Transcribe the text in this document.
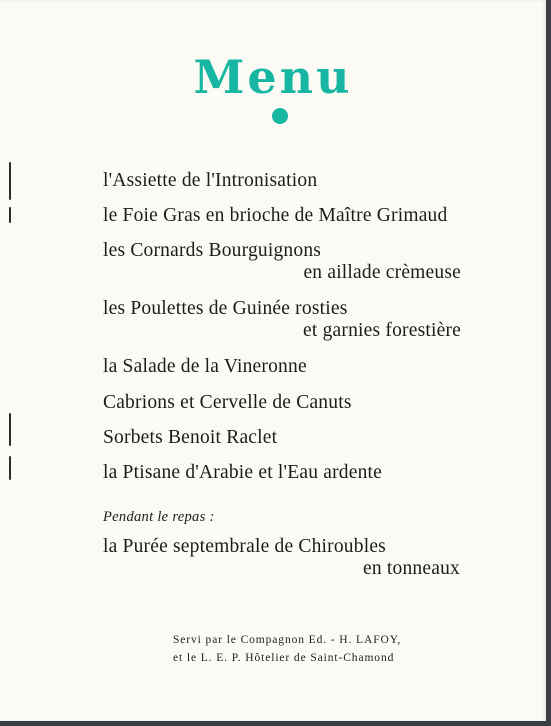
Menu
l'Assiette de l'Intronisation
le Foie Gras en brioche de Maître Grimaud
les Cornards Bourguignons
en aillade crèmeuse
les Poulettes de Guinée rosties
et garnies forestière
la Salade de la Vineronne
Cabrions et Cervelle de Canuts
Sorbets Benoit Raclet
la Ptisane d'Arabie et l'Eau ardente
Pendant le repas :
la Purée septembrale de Chiroubles
en tonneaux
Servi par le Compagnon Ed. - H. LAFOY,
et le L. E. P. Hôtelier de Saint-Chamond
